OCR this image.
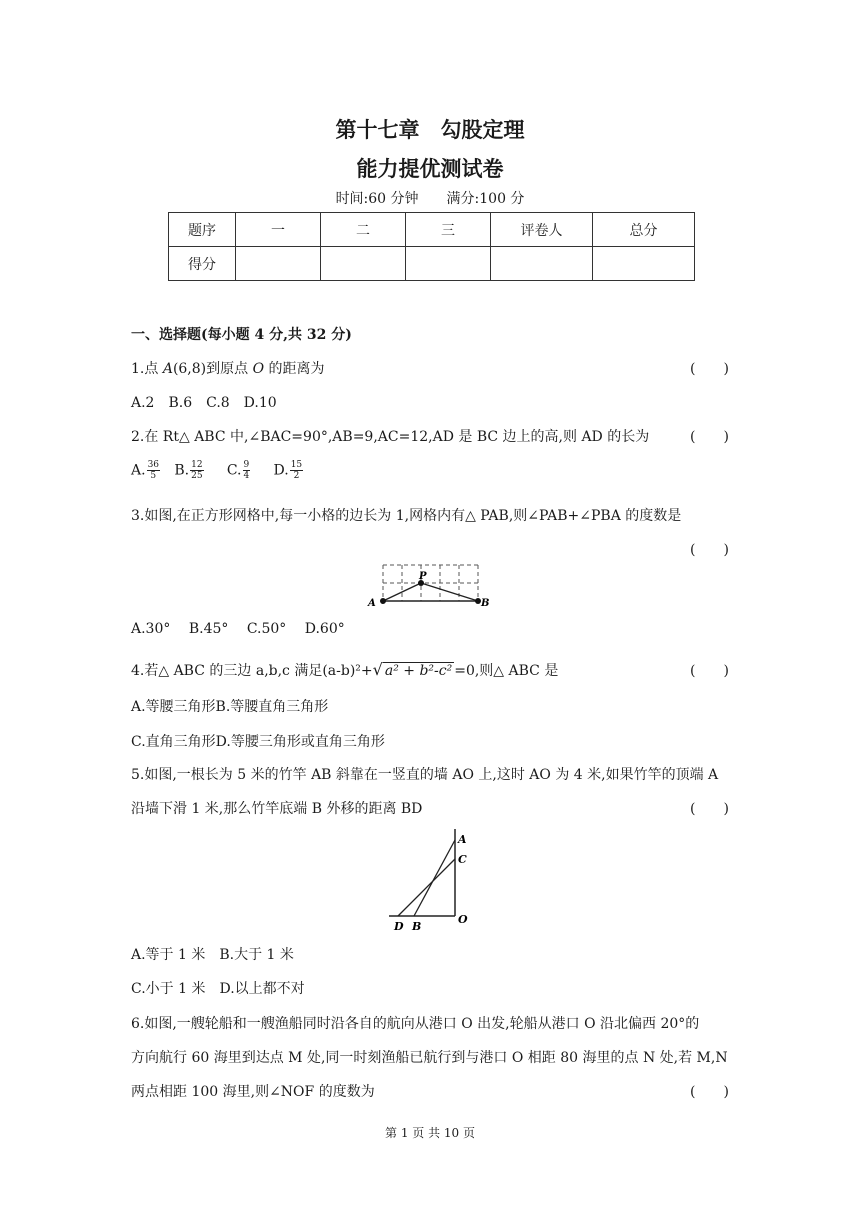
第十七章　勾股定理
能力提优测试卷
时间:60 分钟　　满分:100 分
题序	一	二	三	评卷人	总分
得分					
一、选择题(每小题 4 分,共 32 分)
1.点 A(6,8)到原点 O 的距离为	(　　)
A.2　B.6　C.8　D.10
2.在 Rt△ ABC 中,∠BAC=90°,AB=9,AC=12,AD 是 BC 边上的高,则 AD 的长为	(　　)
A. $\frac{36}{5} B$. $\frac{12}{25} C$. $\frac{9}{4} D$. $\frac{15}{2}$
3.如图,在正方形网格中,每一小格的边长为 1,网格内有△ PAB,则∠PAB+∠PBA 的度数是
(　　)
P
A	B
A.30°　 B.45°　 C.50°　 D.60°
4.若△ ABC 的三边 a,b,c 满足(a-b)²+√ a² + b²-c² =0,则△ ABC 是	(　　)
A.等腰三角形B.等腰直角三角形
C.直角三角形D.等腰三角形或直角三角形
5.如图,一根长为 5 米的竹竿 AB 斜靠在一竖直的墙 AO 上,这时 AO 为 4 米,如果竹竿的顶端 A
沿墙下滑 1 米,那么竹竿底端 B 外移的距离 BD	(　　)
A
C
O
D B
A.等于 1 米　B.大于 1 米
C.小于 1 米　D.以上都不对
6.如图,一艘轮船和一艘渔船同时沿各自的航向从港口 O 出发,轮船从港口 O 沿北偏西 20°的
方向航行 60 海里到达点 M 处,同一时刻渔船已航行到与港口 O 相距 80 海里的点 N 处,若 M,N
两点相距 100 海里,则∠NOF 的度数为	(　　)
第 1 页 共 10 页
